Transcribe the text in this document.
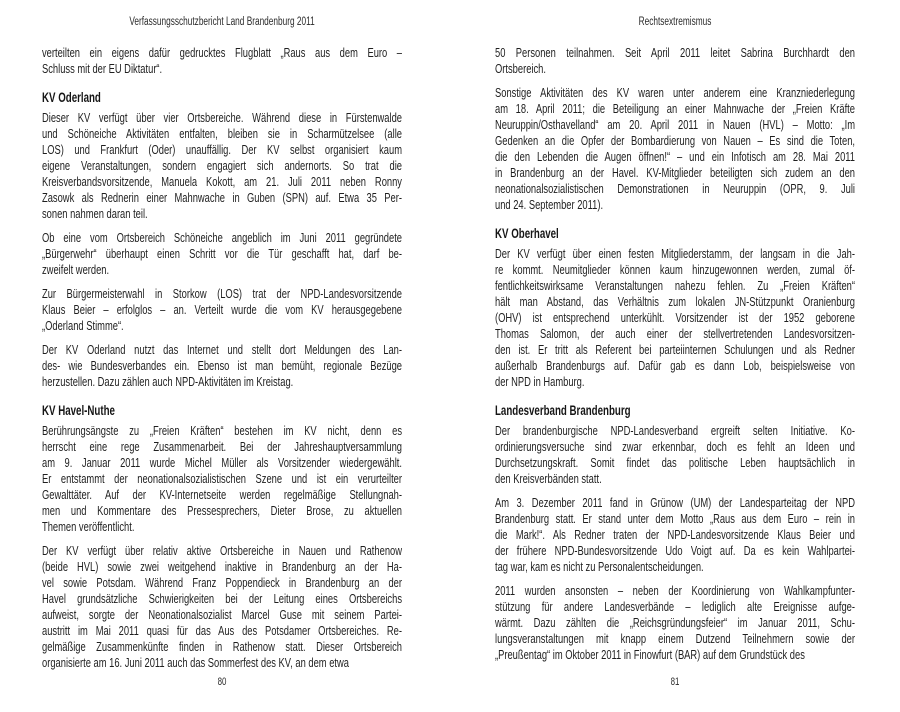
Verfassungsschutzbericht Land Brandenburg 2011
verteilten ein eigens dafür gedrucktes Flugblatt „Raus aus dem Euro –
Schluss mit der EU Diktatur“.
KV Oderland
Dieser KV verfügt über vier Ortsbereiche. Während diese in Fürstenwalde
und Schöneiche Aktivitäten entfalten, bleiben sie in Scharmützelsee (alle
LOS) und Frankfurt (Oder) unauffällig. Der KV selbst organisiert kaum
eigene Veranstaltungen, sondern engagiert sich andernorts. So trat die
Kreisverbandsvorsitzende, Manuela Kokott, am 21. Juli 2011 neben Ronny
Zasowk als Rednerin einer Mahnwache in Guben (SPN) auf. Etwa 35 Per-
sonen nahmen daran teil.
Ob eine vom Ortsbereich Schöneiche angeblich im Juni 2011 gegründete
„Bürgerwehr“ überhaupt einen Schritt vor die Tür geschafft hat, darf be-
zweifelt werden.
Zur Bürgermeisterwahl in Storkow (LOS) trat der NPD-Landesvorsitzende
Klaus Beier – erfolglos – an. Verteilt wurde die vom KV herausgegebene
„Oderland Stimme“.
Der KV Oderland nutzt das Internet und stellt dort Meldungen des Lan-
des- wie Bundesverbandes ein. Ebenso ist man bemüht, regionale Bezüge
herzustellen. Dazu zählen auch NPD-Aktivitäten im Kreistag.
KV Havel-Nuthe
Berührungsängste zu „Freien Kräften“ bestehen im KV nicht, denn es
herrscht eine rege Zusammenarbeit. Bei der Jahreshauptversammlung
am 9. Januar 2011 wurde Michel Müller als Vorsitzender wiedergewählt.
Er entstammt der neonationalsozialistischen Szene und ist ein verurteilter
Gewalttäter. Auf der KV-Internetseite werden regelmäßige Stellungnah-
men und Kommentare des Pressesprechers, Dieter Brose, zu aktuellen
Themen veröffentlicht.
Der KV verfügt über relativ aktive Ortsbereiche in Nauen und Rathenow
(beide HVL) sowie zwei weitgehend inaktive in Brandenburg an der Ha-
vel sowie Potsdam. Während Franz Poppendieck in Brandenburg an der
Havel grundsätzliche Schwierigkeiten bei der Leitung eines Ortsbereichs
aufweist, sorgte der Neonationalsozialist Marcel Guse mit seinem Partei-
austritt im Mai 2011 quasi für das Aus des Potsdamer Ortsbereiches. Re-
gelmäßige Zusammenkünfte finden in Rathenow statt. Dieser Ortsbereich
organisierte am 16. Juni 2011 auch das Sommerfest des KV, an dem etwa
80
Rechtsextremismus
50 Personen teilnahmen. Seit April 2011 leitet Sabrina Burchhardt den
Ortsbereich.
Sonstige Aktivitäten des KV waren unter anderem eine Kranzniederlegung
am 18. April 2011; die Beteiligung an einer Mahnwache der „Freien Kräfte
Neuruppin/Osthavelland“ am 20. April 2011 in Nauen (HVL) – Motto: „Im
Gedenken an die Opfer der Bombardierung von Nauen – Es sind die Toten,
die den Lebenden die Augen öffnen!“ – und ein Infotisch am 28. Mai 2011
in Brandenburg an der Havel. KV-Mitglieder beteiligten sich zudem an den
neonationalsozialistischen Demonstrationen in Neuruppin (OPR, 9. Juli
und 24. September 2011).
KV Oberhavel
Der KV verfügt über einen festen Mitgliederstamm, der langsam in die Jah-
re kommt. Neumitglieder können kaum hinzugewonnen werden, zumal öf-
fentlichkeitswirksame Veranstaltungen nahezu fehlen. Zu „Freien Kräften“
hält man Abstand, das Verhältnis zum lokalen JN-Stützpunkt Oranienburg
(OHV) ist entsprechend unterkühlt. Vorsitzender ist der 1952 geborene
Thomas Salomon, der auch einer der stellvertretenden Landesvorsitzen-
den ist. Er tritt als Referent bei parteiinternen Schulungen und als Redner
außerhalb Brandenburgs auf. Dafür gab es dann Lob, beispielsweise von
der NPD in Hamburg.
Landesverband Brandenburg
Der brandenburgische NPD-Landesverband ergreift selten Initiative. Ko-
ordinierungsversuche sind zwar erkennbar, doch es fehlt an Ideen und
Durchsetzungskraft. Somit findet das politische Leben hauptsächlich in
den Kreisverbänden statt.
Am 3. Dezember 2011 fand in Grünow (UM) der Landesparteitag der NPD
Brandenburg statt. Er stand unter dem Motto „Raus aus dem Euro – rein in
die Mark!“. Als Redner traten der NPD-Landesvorsitzende Klaus Beier und
der frühere NPD-Bundesvorsitzende Udo Voigt auf. Da es kein Wahlpartei-
tag war, kam es nicht zu Personalentscheidungen.
2011 wurden ansonsten – neben der Koordinierung von Wahlkampfunter-
stützung für andere Landesverbände – lediglich alte Ereignisse aufge-
wärmt. Dazu zählten die „Reichsgründungsfeier“ im Januar 2011, Schu-
lungsveranstaltungen mit knapp einem Dutzend Teilnehmern sowie der
„Preußentag“ im Oktober 2011 in Finowfurt (BAR) auf dem Grundstück des
81
